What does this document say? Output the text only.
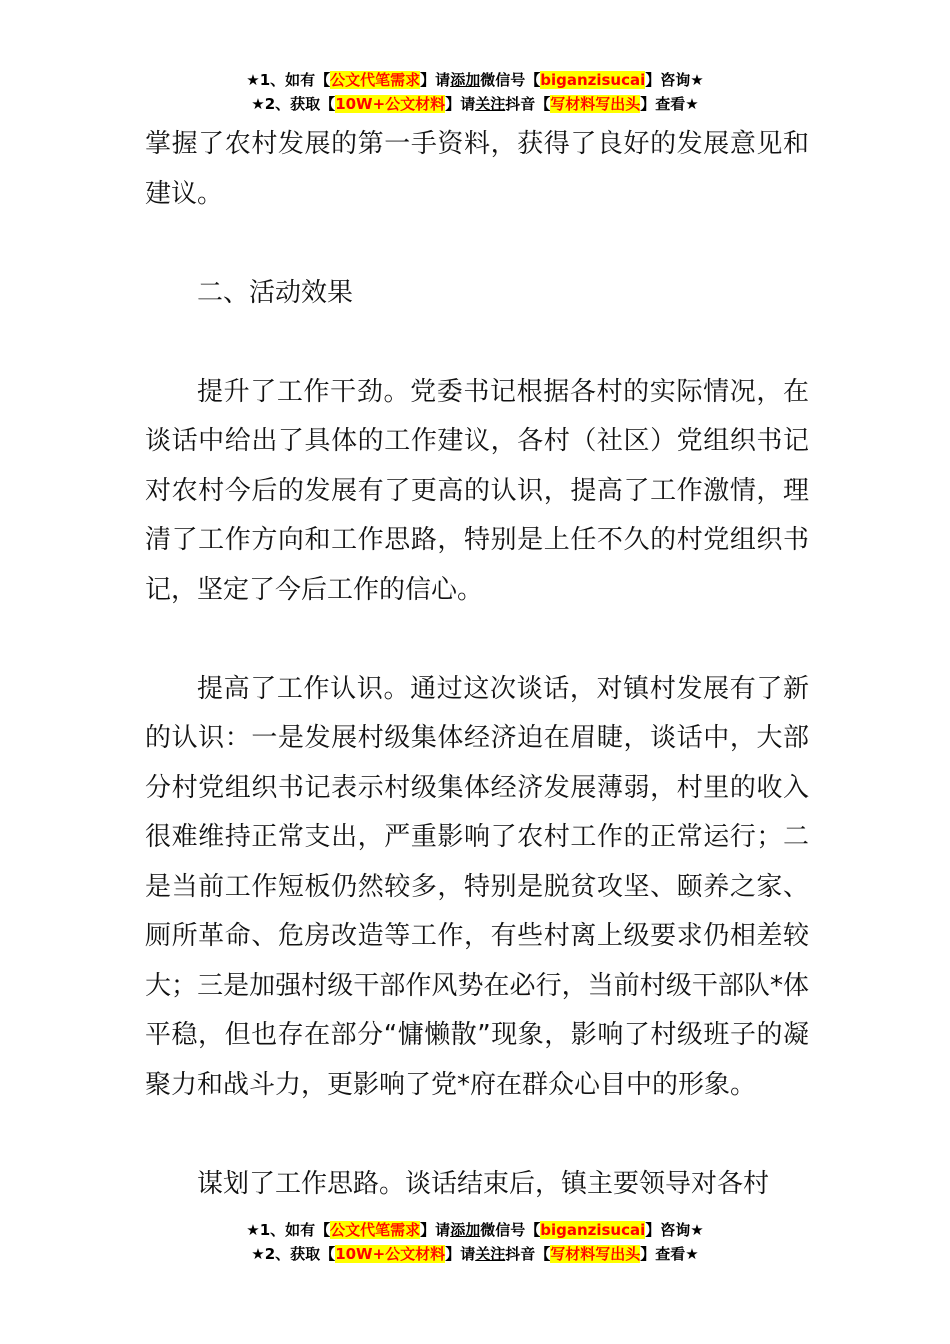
★1、如有【公文代笔需求】请添加微信号【biganzisucai】咨询★
★2、获取【10W+公文材料】请关注抖音【写材料写出头】查看★

掌握了农村发展的第一手资料，获得了良好的发展意见和建议。

二、活动效果

提升了工作干劲。党委书记根据各村的实际情况，在谈话中给出了具体的工作建议，各村（社区）党组织书记对农村今后的发展有了更高的认识，提高了工作激情，理清了工作方向和工作思路，特别是上任不久的村党组织书记，坚定了今后工作的信心。

提高了工作认识。通过这次谈话，对镇村发展有了新的认识：一是发展村级集体经济迫在眉睫，谈话中，大部分村党组织书记表示村级集体经济发展薄弱，村里的收入很难维持正常支出，严重影响了农村工作的正常运行；二是当前工作短板仍然较多，特别是脱贫攻坚、颐养之家、厕所革命、危房改造等工作，有些村离上级要求仍相差较大；三是加强村级干部作风势在必行，当前村级干部队*体平稳，但也存在部分“慵懒散”现象，影响了村级班子的凝聚力和战斗力，更影响了党*府在群众心目中的形象。

谋划了工作思路。谈话结束后，镇主要领导对各村

★1、如有【公文代笔需求】请添加微信号【biganzisucai】咨询★
★2、获取【10W+公文材料】请关注抖音【写材料写出头】查看★
